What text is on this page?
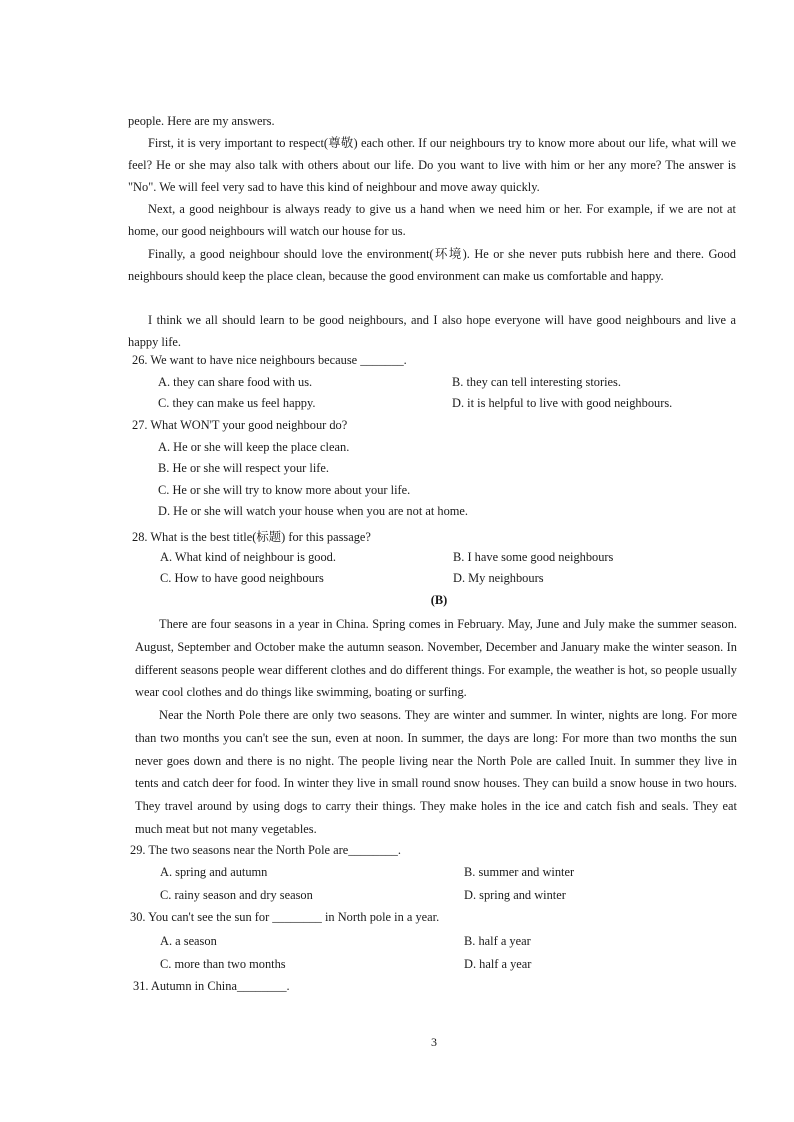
people. Here are my answers.
First, it is very important to respect(尊敬) each other. If our neighbours try to know more about our life, what will we feel? He or she may also talk with others about our life. Do you want to live with him or her any more? The answer is "No". We will feel very sad to have this kind of neighbour and move away quickly.
Next, a good neighbour is always ready to give us a hand when we need him or her. For example, if we are not at home, our good neighbours will watch our house for us.
Finally, a good neighbour should love the environment(环境). He or she never puts rubbish here and there. Good neighbours should keep the place clean, because the good environment can make us comfortable and happy.
I think we all should learn to be good neighbours, and I also hope everyone will have good neighbours and live a happy life.
26. We want to have nice neighbours because _______.
A. they can share food with us.	B. they can tell interesting stories.
C. they can make us feel happy.	D. it is helpful to live with good neighbours.
27. What WON'T your good neighbour do?
A. He or she will keep the place clean.
B. He or she will respect your life.
C. He or she will try to know more about your life.
D. He or she will watch your house when you are not at home.
28. What is the best title(标题) for this passage?
A. What kind of neighbour is good.	B. I have some good neighbours
C. How to have good neighbours	D. My neighbours
(B)
There are four seasons in a year in China. Spring comes in February. May, June and July make the summer season. August, September and October make the autumn season. November, December and January make the winter season. In different seasons people wear different clothes and do different things. For example, the weather is hot, so people usually wear cool clothes and do things like swimming, boating or surfing.
Near the North Pole there are only two seasons. They are winter and summer. In winter, nights are long. For more than two months you can't see the sun, even at noon. In summer, the days are long: For more than two months the sun never goes down and there is no night. The people living near the North Pole are called Inuit. In summer they live in tents and catch deer for food. In winter they live in small round snow houses. They can build a snow house in two hours. They travel around by using dogs to carry their things. They make holes in the ice and catch fish and seals. They eat much meat but not many vegetables.
29. The two seasons near the North Pole are________.
A. spring and autumn	B. summer and winter
C. rainy season and dry season	D. spring and winter
30. You can't see the sun for ________ in North pole in a year.
A. a season	B. half a year
C. more than two months	D. half a year
31. Autumn in China________.
3
